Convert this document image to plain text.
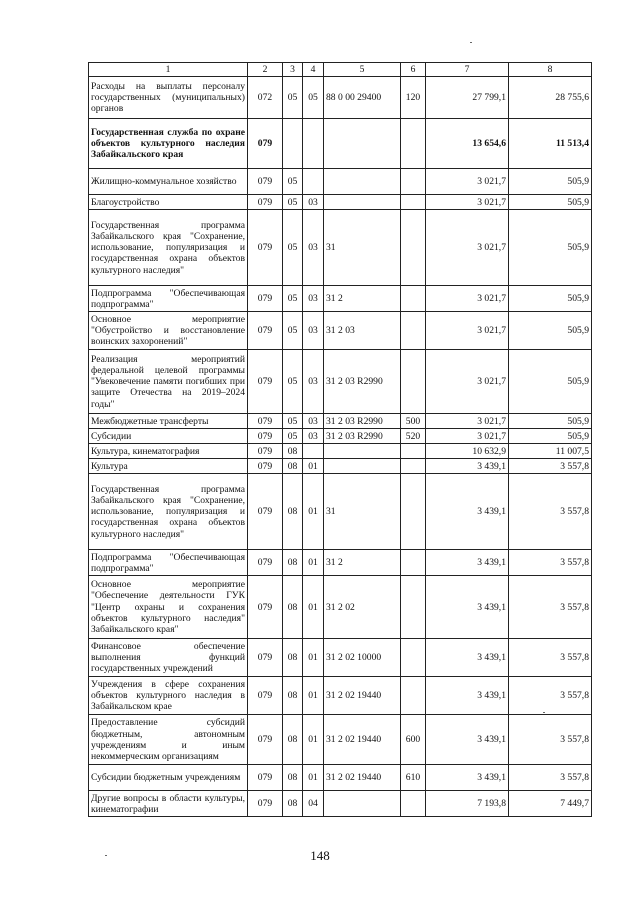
1	2	3	4	5	6	7	8
Расходы на выплаты персоналу государственных (муниципальных) органов	072	05	05	88 0 00 29400	120	27 799,1	28 755,6
Государственная служба по охране объектов культурного наследия Забайкальского края	079					13 654,6	11 513,4
Жилищно-коммунальное хозяйство	079	05				3 021,7	505,9
Благоустройство	079	05	03			3 021,7	505,9
Государственная программа Забайкальского края "Сохранение, использование, популяризация и государственная охрана объектов культурного наследия"	079	05	03	31		3 021,7	505,9
Подпрограмма "Обеспечивающая подпрограмма"	079	05	03	31 2		3 021,7	505,9
Основное мероприятие "Обустройство и восстановление воинских захоронений"	079	05	03	31 2 03		3 021,7	505,9
Реализация мероприятий федеральной целевой программы "Увековечение памяти погибших при защите Отечества на 2019–2024 годы"	079	05	03	31 2 03 R2990		3 021,7	505,9
Межбюджетные трансферты	079	05	03	31 2 03 R2990	500	3 021,7	505,9
Субсидии	079	05	03	31 2 03 R2990	520	3 021,7	505,9
Культура, кинематография	079	08				10 632,9	11 007,5
Культура	079	08	01			3 439,1	3 557,8
Государственная программа Забайкальского края "Сохранение, использование, популяризация и государственная охрана объектов культурного наследия"	079	08	01	31		3 439,1	3 557,8
Подпрограмма "Обеспечивающая подпрограмма"	079	08	01	31 2		3 439,1	3 557,8
Основное мероприятие "Обеспечение деятельности ГУК "Центр охраны и сохранения объектов культурного наследия" Забайкальского края"	079	08	01	31 2 02		3 439,1	3 557,8
Финансовое обеспечение выполнения функций государственных учреждений	079	08	01	31 2 02 10000		3 439,1	3 557,8
Учреждения в сфере сохранения объектов культурного наследия в Забайкальском крае	079	08	01	31 2 02 19440		3 439,1	3 557,8
Предоставление субсидий бюджетным, автономным учреждениям и иным некоммерческим организациям	079	08	01	31 2 02 19440	600	3 439,1	3 557,8
Субсидии бюджетным учреждениям	079	08	01	31 2 02 19440	610	3 439,1	3 557,8
Другие вопросы в области культуры, кинематографии	079	08	04			7 193,8	7 449,7
148
